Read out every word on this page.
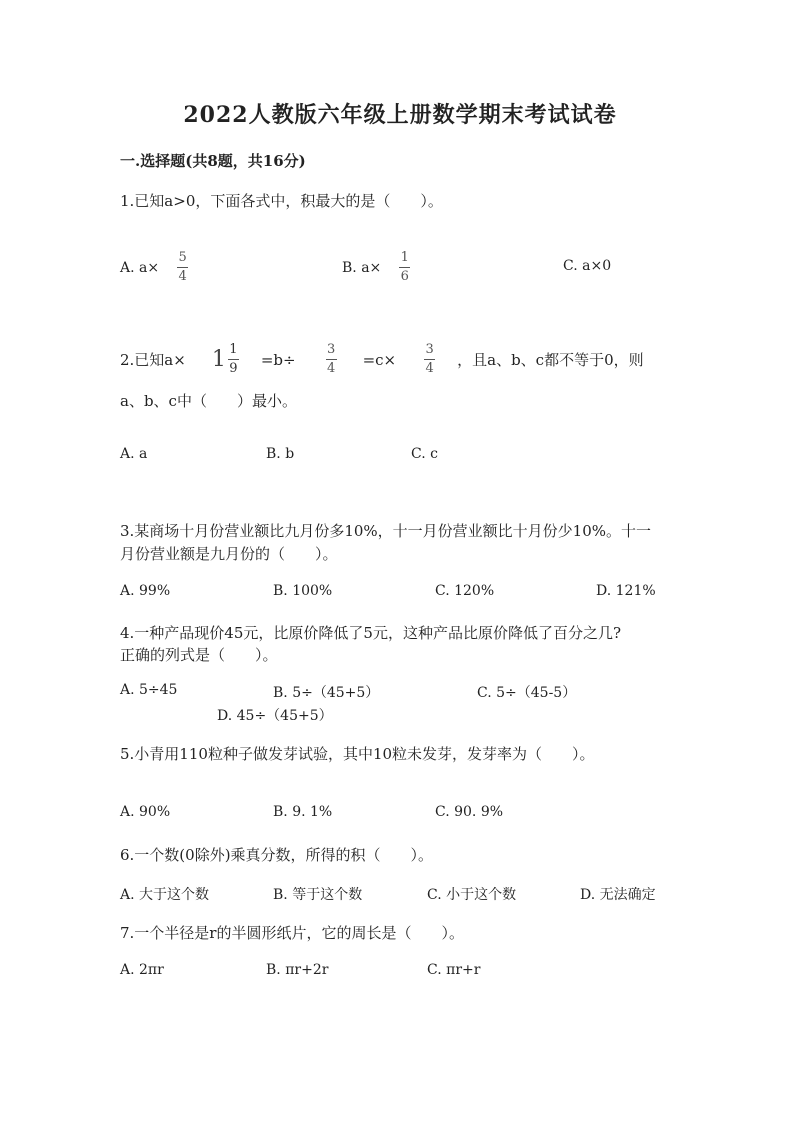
2022人教版六年级上册数学期末考试试卷
一.选择题(共8题，共16分)
1.已知a>0，下面各式中，积最大的是（　　）。
A. $a\times \frac{5}{4}$	B. $a\times \frac{1}{6}$	C. a×0
2.已知$a\times 1 \frac{1}{9} =b\div \frac{3}{4} =c\times \frac{3}{4}$ ，且a、b、c都不等于0，则
a、b、c中（　　）最小。
A. a	B. b	C. c
3.某商场十月份营业额比九月份多10%，十一月份营业额比十月份少10%。十一
月份营业额是九月份的（　　）。
A. 99%	B. 100%	C. 120%	D. 121%
4.一种产品现价45元，比原价降低了5元，这种产品比原价降低了百分之几?
正确的列式是（　　）。
A. 5÷45	B. 5÷（45+5）	C. 5÷（45-5）
D. 45÷（45+5）
5.小青用110粒种子做发芽试验，其中10粒未发芽，发芽率为（　　）。
A. 90%	B. 9. 1%	C. 90. 9%
6.一个数(0除外)乘真分数，所得的积（　　）。
A. 大于这个数	B. 等于这个数	C. 小于这个数	D. 无法确定
7.一个半径是r的半圆形纸片，它的周长是（　　）。
A. 2πr	B. πr+2r	C. πr+r
